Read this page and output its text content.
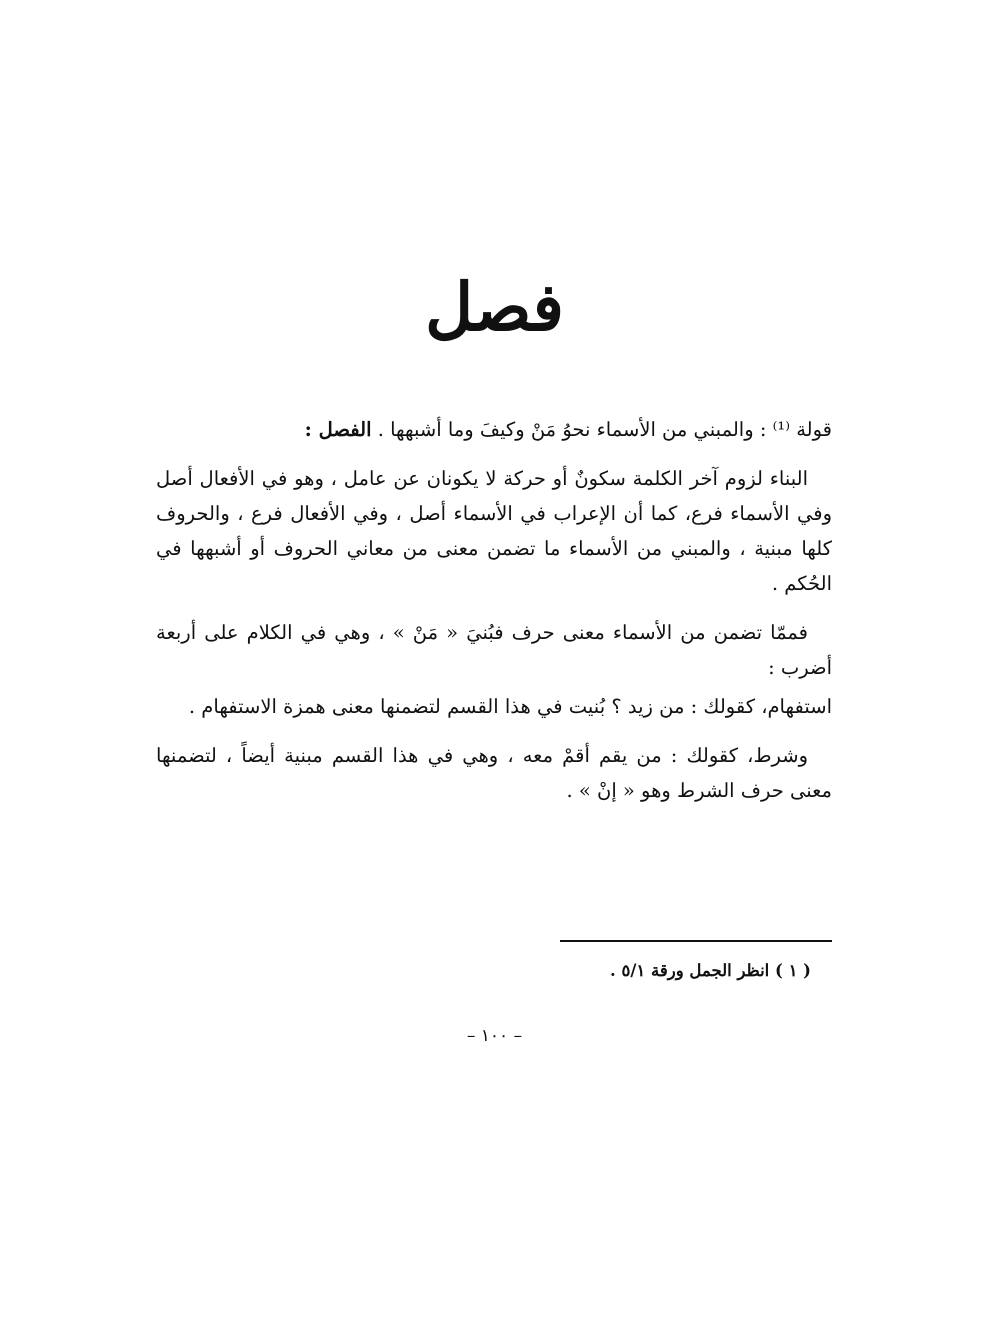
فصل

قولة ⁽¹⁾ : والمبني من الأسماء نحوُ مَنْ وكيفَ وما أشبهها . الفصل :

البناء لزوم آخر الكلمة سكونٌ أو حركة لا يكونان عن عامل ، وهو في الأفعال أصل وفي الأسماء فرع، كما أن الإعراب في الأسماء أصل ، وفي الأفعال فرع ، والحروف كلها مبنية ، والمبني من الأسماء ما تضمن معنى من معاني الحروف أو أشبهها في الحُكم .

فممّا تضمن من الأسماء معنى حرف فبُنيَ « مَنْ » ، وهي في الكلام على أربعة أضرب :

استفهام، كقولك : من زيد ؟ بُنيت في هذا القسم لتضمنها معنى همزة الاستفهام .

وشرط، كقولك : من يقم أقمْ معه ، وهي في هذا القسم مبنية أيضاً ، لتضمنها معنى حرف الشرط وهو « إنْ » .

( ١ ) انظر الجمل ورقة ٥/١ .

– ١٠٠ –
